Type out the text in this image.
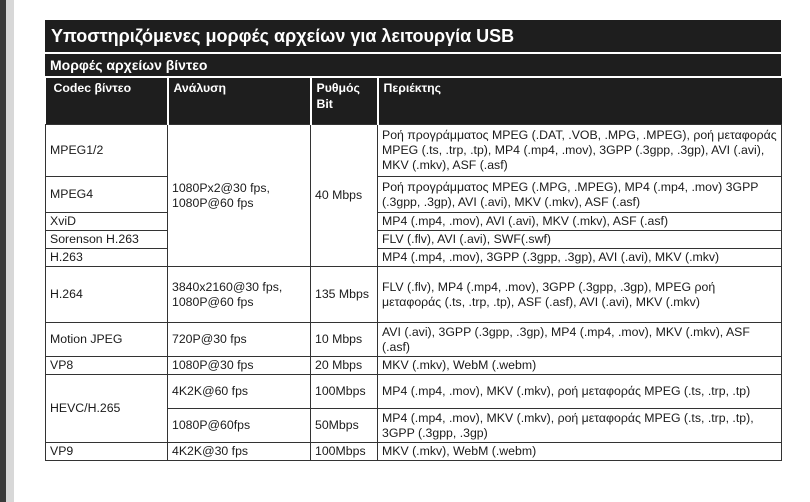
Υποστηριζόμενες μορφές αρχείων για λειτουργία USB
Μορφές αρχείων βίντεο
Codec βίντεο	Ανάλυση	Ρυθμός Bit	Περιέκτης
MPEG1/2	1080Px2@30 fps, 1080P@60 fps	40 Mbps	Ροή προγράμματος MPEG (.DAT, .VOB, .MPG, .MPEG), ροή μεταφοράς MPEG (.ts, .trp, .tp), MP4 (.mp4, .mov), 3GPP (.3gpp, .3gp), AVI (.avi), MKV (.mkv), ASF (.asf)
MPEG4			Ροή προγράμματος MPEG (.MPG, .MPEG), MP4 (.mp4, .mov) 3GPP (.3gpp, .3gp), AVI (.avi), MKV (.mkv), ASF (.asf)
XviD			MP4 (.mp4, .mov), AVI (.avi), MKV (.mkv), ASF (.asf)
Sorenson H.263			FLV (.flv), AVI (.avi), SWF(.swf)
H.263			MP4 (.mp4, .mov), 3GPP (.3gpp, .3gp), AVI (.avi), MKV (.mkv)
H.264	3840x2160@30 fps, 1080P@60 fps	135 Mbps	FLV (.flv), MP4 (.mp4, .mov), 3GPP (.3gpp, .3gp), MPEG ροή μεταφοράς (.ts, .trp, .tp), ASF (.asf), AVI (.avi), MKV (.mkv)
Motion JPEG	720P@30 fps	10 Mbps	AVI (.avi), 3GPP (.3gpp, .3gp), MP4 (.mp4, .mov), MKV (.mkv), ASF (.asf)
VP8	1080P@30 fps	20 Mbps	MKV (.mkv), WebM (.webm)
HEVC/H.265	4K2K@60 fps	100Mbps	MP4 (.mp4, .mov), MKV (.mkv), ροή μεταφοράς MPEG (.ts, .trp, .tp)
	1080P@60fps	50Mbps	MP4 (.mp4, .mov), MKV (.mkv), ροή μεταφοράς MPEG (.ts, .trp, .tp), 3GPP (.3gpp, .3gp)
VP9	4K2K@30 fps	100Mbps	MKV (.mkv), WebM (.webm)
